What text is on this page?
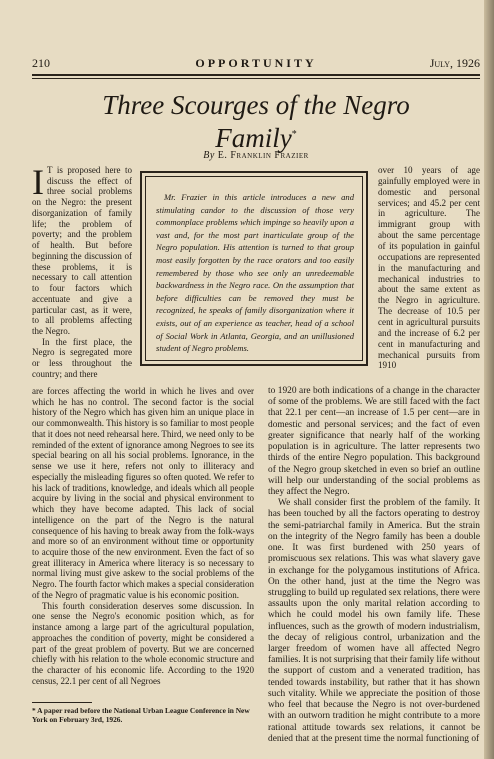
210	OPPORTUNITY	July, 1926
Three Scourges of the Negro
Family*
By E. Franklin Frazier

I T is proposed here to discuss the effect of three social problems on the Negro: the present disorganization of family life; the problem of poverty; and the problem of health. But before beginning the discussion of these problems, it is necessary to call attention to four factors which accentuate and give a particular cast, as it were, to all problems affecting the Negro.

In the first place, the Negro is segregated more or less throughout the country; and there

Mr. Frazier in this article introduces a new and stimulating candor to the discussion of those very commonplace problems which impinge so heavily upon a vast and, for the most part inarticulate group of the Negro population. His attention is turned to that group most easily forgotten by the race orators and too easily remembered by those who see only an unredeemable backwardness in the Negro race. On the assumption that before difficulties can be removed they must be recognized, he speaks of family disorganization where it exists, out of an experience as teacher, head of a school of Social Work in Atlanta, Georgia, and an unillusioned student of Negro problems.

over 10 years of age gainfully employed were in domestic and personal services; and 45.2 per cent in agriculture. The immigrant group with about the same percentage of its population in gainful occupations are represented in the manufacturing and mechanical industries to about the same extent as the Negro in agriculture. The decrease of 10.5 per cent in agricultural pursuits and the increase of 6.2 per cent in manufacturing and mechanical pursuits from 1910

are forces affecting the world in which he lives and over which he has no control. The second factor is the social history of the Negro which has given him an unique place in our commonwealth. This history is so familiar to most people that it does not need rehearsal here. Third, we need only to be reminded of the extent of ignorance among Negroes to see its special bearing on all his social problems. Ignorance, in the sense we use it here, refers not only to illiteracy and especially the misleading figures so often quoted. We refer to his lack of traditions, knowledge, and ideals which all people acquire by living in the social and physical environment to which they have become adapted. This lack of social intelligence on the part of the Negro is the natural consequence of his having to break away from the folk-ways and more so of an environment without time or opportunity to acquire those of the new environment. Even the fact of so great illiteracy in America where literacy is so necessary to normal living must give askew to the social problems of the Negro. The fourth factor which makes a special consideration of the Negro of pragmatic value is his economic position.

This fourth consideration deserves some discussion. In one sense the Negro's economic position which, as for instance among a large part of the agricultural population, approaches the condition of poverty, might be considered a part of the great problem of poverty. But we are concerned chiefly with his relation to the whole economic structure and the character of his economic life. According to the 1920 census, 22.1 per cent of all Negroes

to 1920 are both indications of a change in the character of some of the problems. We are still faced with the fact that 22.1 per cent—an increase of 1.5 per cent—are in domestic and personal services; and the fact of even greater significance that nearly half of the working population is in agriculture. The latter represents two thirds of the entire Negro population. This background of the Negro group sketched in even so brief an outline will help our understanding of the social problems as they affect the Negro.

We shall consider first the problem of the family. It has been touched by all the factors operating to destroy the semi-patriarchal family in America. But the strain on the integrity of the Negro family has been a double one. It was first burdened with 250 years of promiscuous sex relations. This was what slavery gave in exchange for the polygamous institutions of Africa. On the other hand, just at the time the Negro was struggling to build up regulated sex relations, there were assaults upon the only marital relation according to which he could model his own family life. These influences, such as the growth of modern industrialism, the decay of religious control, urbanization and the larger freedom of women have all affected Negro families. It is not surprising that their family life without the support of custom and a venerated tradition, has tended towards instability, but rather that it has shown such vitality. While we appreciate the position of those who feel that because the Negro is not over-burdened with an outworn tradition he might contribute to a more rational attitude towards sex relations, it cannot be denied that at the present time the normal functioning of

* A paper read before the National Urban League Conference in New York on February 3rd, 1926.
